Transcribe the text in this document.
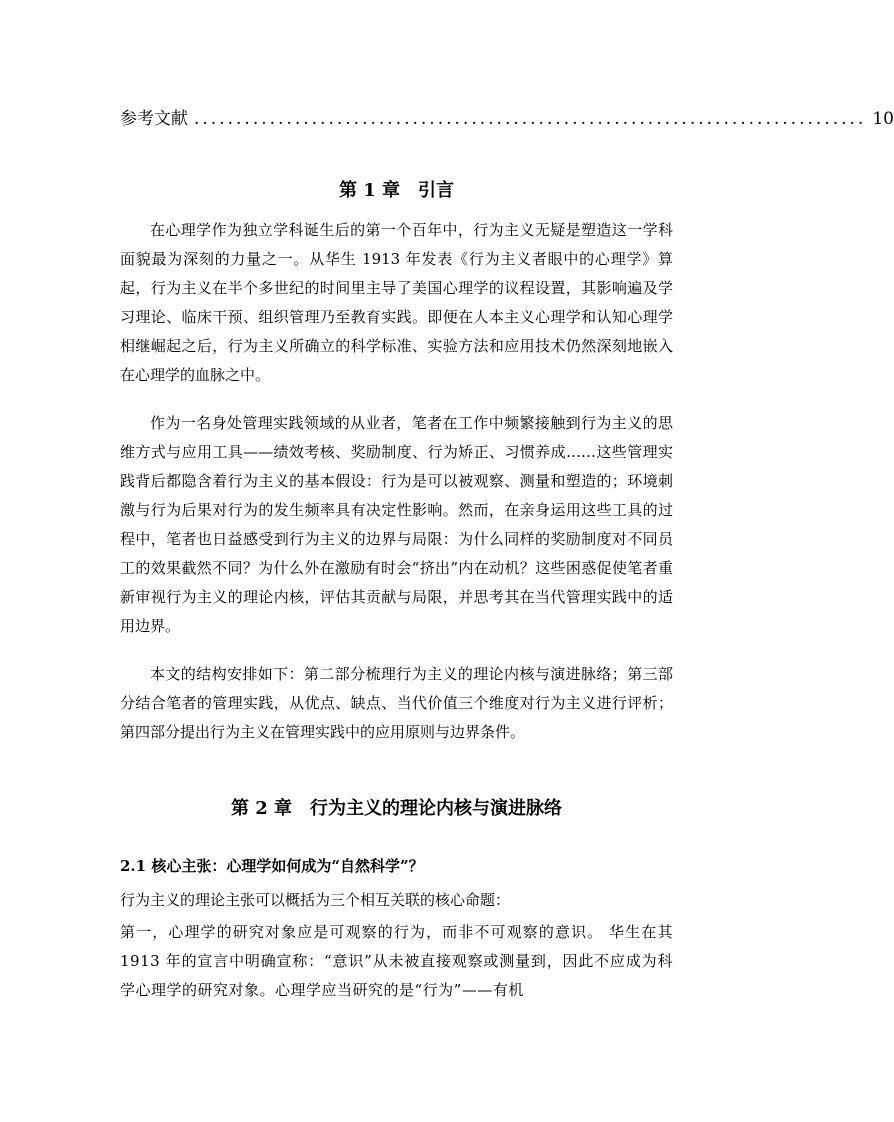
参考文献 ................................................................................ 10
第 1 章　引言

在心理学作为独立学科诞生后的第一个百年中，行为主义无疑是塑造这一学科面貌最为深刻的力量之一。从华生 1913 年发表《行为主义者眼中的心理学》算起，行为主义在半个多世纪的时间里主导了美国心理学的议程设置，其影响遍及学习理论、临床干预、组织管理乃至教育实践。即便在人本主义心理学和认知心理学相继崛起之后，行为主义所确立的科学标准、实验方法和应用技术仍然深刻地嵌入在心理学的血脉之中。

作为一名身处管理实践领域的从业者，笔者在工作中频繁接触到行为主义的思维方式与应用工具——绩效考核、奖励制度、行为矫正、习惯养成……这些管理实践背后都隐含着行为主义的基本假设：行为是可以被观察、测量和塑造的；环境刺激与行为后果对行为的发生频率具有决定性影响。然而，在亲身运用这些工具的过程中，笔者也日益感受到行为主义的边界与局限：为什么同样的奖励制度对不同员工的效果截然不同？为什么外在激励有时会“挤出”内在动机？这些困惑促使笔者重新审视行为主义的理论内核，评估其贡献与局限，并思考其在当代管理实践中的适用边界。

本文的结构安排如下：第二部分梳理行为主义的理论内核与演进脉络；第三部分结合笔者的管理实践，从优点、缺点、当代价值三个维度对行为主义进行评析；第四部分提出行为主义在管理实践中的应用原则与边界条件。

第 2 章　行为主义的理论内核与演进脉络

2.1 核心主张：心理学如何成为“自然科学”？

行为主义的理论主张可以概括为三个相互关联的核心命题：

第一，心理学的研究对象应是可观察的行为，而非不可观察的意识。 华生在其 1913 年的宣言中明确宣称：“意识”从未被直接观察或测量到，因此不应成为科学心理学的研究对象。心理学应当研究的是“行为”——有机
